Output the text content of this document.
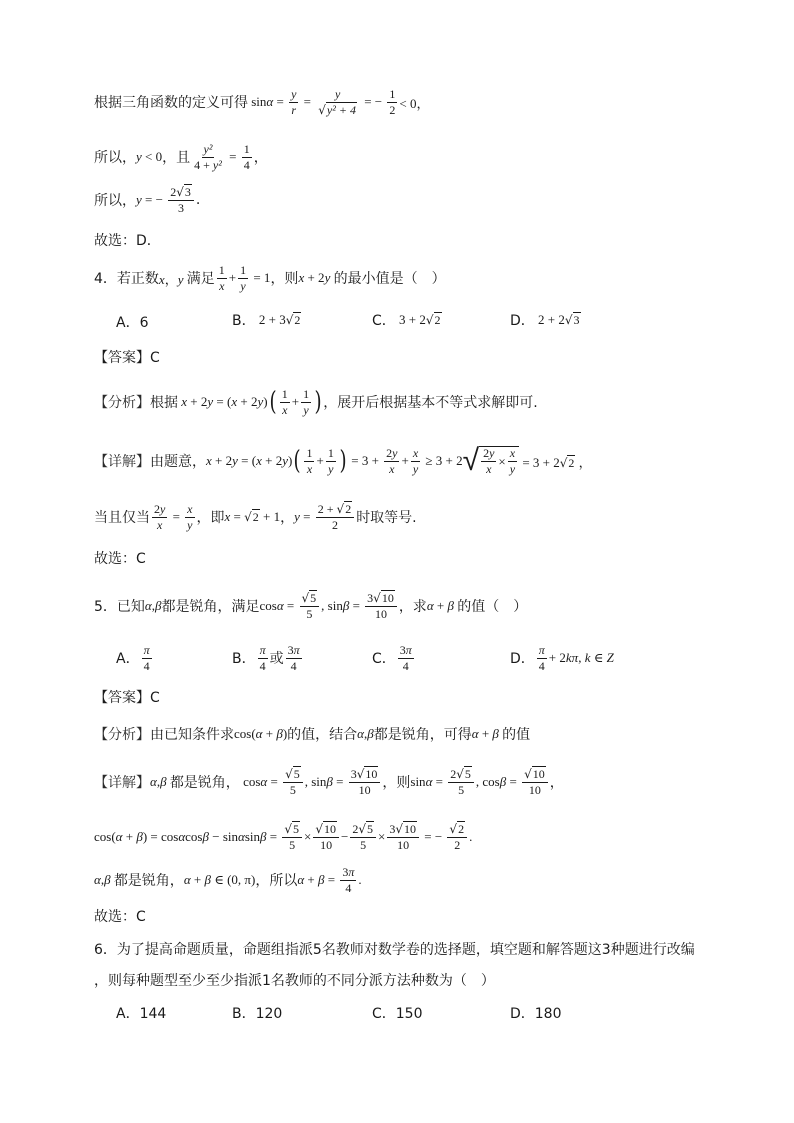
根据三角函数的定义可得 $\sin\alpha = \frac{y}{r} = \frac{y}{\text{√y² + 4}}$ = − $\frac{1}{2} < 0$，
所以， y < 0 ，且 $\frac{\text{y²}}{\text{4 + y²}} = \frac{1}{4}$ ，
所以， y = − $\frac{2√3}{3}$ .
故选：D．
4．若正数 x，y 满足 $\frac{1}{x} + \frac{1}{y} = 1$ ，则 x + 2y 的最小值是（　）
A．6	B． 2 + 3√2	C． 3 + 2√2	D． 2 + 2√3
【答案】C
【分析】 根据 x + 2y = (x + 2y) ( $\frac{1}{x} + \frac{1}{y}$ ) ，展开后根据基本不等式求解即可.
【详解】 由题意， x + 2y = (x + 2y) ( $\frac{1}{x} + \frac{1}{y}$ ) = $3 + \frac{2y}{x} + \frac{x}{y} \ge 3 + 2$ √ $\frac{2y}{x} \times \frac{x}{y} = 3 + 2√2$ ，
当且仅当 $\frac{2y}{x} = \frac{x}{y}$ ，即 x = √2 + 1 ， $y = \frac{2 + √2}{2}$ 时取等号.
故选：C
5．已知 α,β 都是锐角，满足 $\cos\alpha = \frac{√5}{5}$ , $\sin\beta = \frac{3√10}{10}$ ，求 α + β 的值（　）
A． $\frac{\pi}{4}$	B． $\frac{\pi}{4}$ 或 $\frac{3\pi}{4}$	C． $\frac{3\pi}{4}$	D． $\frac{\pi}{4} + 2k\pi$, k ∈ Z
【答案】C
【分析】 由已知条件求 cos(α + β) 的值，结合 α,β 都是锐角，可得 α + β 的值
【详解】 α,β 都是锐角， $\cos\alpha = \frac{√5}{5}$ , $\sin\beta = \frac{3√10}{10}$ ，则 $\sin\alpha = \frac{2√5}{5}$ , $\cos\beta = \frac{√10}{10}$ ，
$\cos(\alpha + \beta) = \cos\alpha\cos\beta - \sin\alpha\sin\beta = \frac{√5}{5} \times \frac{√10}{10} - \frac{2√5}{5} \times \frac{3√10}{10}$ = − $\frac{√2}{2}$ .
α,β 都是锐角， α + β ∈ (0, π) ，所以 $\alpha + \beta = \frac{3\pi}{4}$ .
故选：C
6．为了提高命题质量，命题组指派5名教师对数学卷的选择题，填空题和解答题这3种题进行改编
，则每种题型至少至少指派1名教师的不同分派方法种数为（　）
A．144	B．120	C．150	D．180
